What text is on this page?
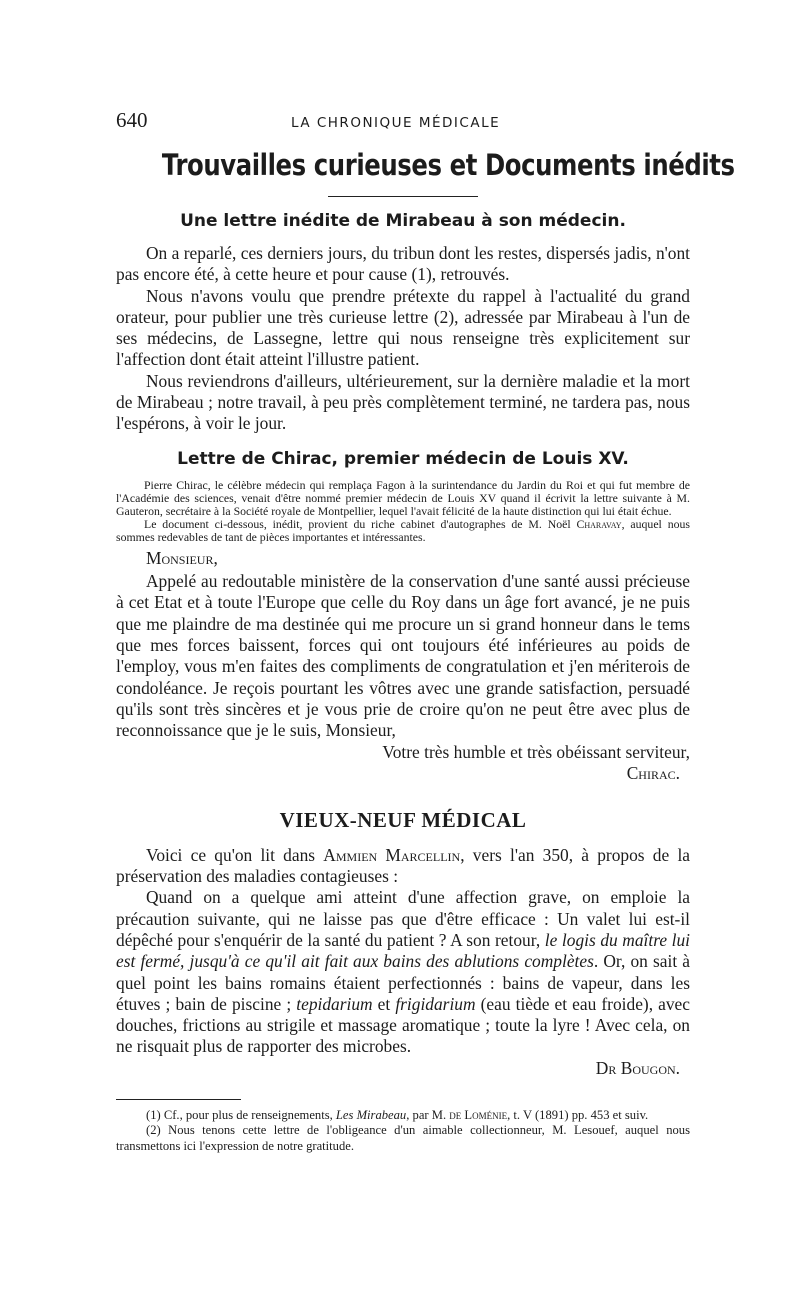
640	LA CHRONIQUE MÉDICALE
Trouvailles curieuses et Documents inédits
Une lettre inédite de Mirabeau à son médecin.

On a reparlé, ces derniers jours, du tribun dont les restes, dispersés jadis, n'ont pas encore été, à cette heure et pour cause (1), retrouvés.

Nous n'avons voulu que prendre prétexte du rappel à l'actualité du grand orateur, pour publier une très curieuse lettre (2), adressée par Mirabeau à l'un de ses médecins, de Lassegne, lettre qui nous renseigne très explicitement sur l'affection dont était atteint l'illustre patient.

Nous reviendrons d'ailleurs, ultérieurement, sur la dernière maladie et la mort de Mirabeau ; notre travail, à peu près complètement terminé, ne tardera pas, nous l'espérons, à voir le jour.

Lettre de Chirac, premier médecin de Louis XV.

Pierre Chirac, le célèbre médecin qui remplaça Fagon à la surintendance du Jardin du Roi et qui fut membre de l'Académie des sciences, venait d'être nommé premier médecin de Louis XV quand il écrivit la lettre suivante à M. Gauteron, secrétaire à la Société royale de Montpellier, lequel l'avait félicité de la haute distinction qui lui était échue.

Le document ci-dessous, inédit, provient du riche cabinet d'autographes de M. Noël Charavay, auquel nous sommes redevables de tant de pièces importantes et intéressantes.

Monsieur,

Appelé au redoutable ministère de la conservation d'une santé aussi précieuse à cet Etat et à toute l'Europe que celle du Roy dans un âge fort avancé, je ne puis que me plaindre de ma destinée qui me procure un si grand honneur dans le tems que mes forces baissent, forces qui ont toujours été inférieures au poids de l'employ, vous m'en faites des compliments de congratulation et j'en mériterois de condoléance. Je reçois pourtant les vôtres avec une grande satisfaction, persuadé qu'ils sont très sincères et je vous prie de croire qu'on ne peut être avec plus de reconnoissance que je le suis, Monsieur,

Votre très humble et très obéissant serviteur,

Chirac.

VIEUX-NEUF MÉDICAL

Voici ce qu'on lit dans Ammien Marcellin, vers l'an 350, à propos de la préservation des maladies contagieuses :

Quand on a quelque ami atteint d'une affection grave, on emploie la précaution suivante, qui ne laisse pas que d'être efficace : Un valet lui est-il dépêché pour s'enquérir de la santé du patient ? A son retour, le logis du maître lui est fermé, jusqu'à ce qu'il ait fait aux bains des ablutions complètes. Or, on sait à quel point les bains romains étaient perfectionnés : bains de vapeur, dans les étuves ; bain de piscine ; tepidarium et frigidarium (eau tiède et eau froide), avec douches, frictions au strigile et massage aromatique ; toute la lyre ! Avec cela, on ne risquait plus de rapporter des microbes.

Dr Bougon.

(1) Cf., pour plus de renseignements, Les Mirabeau, par M. de Loménie, t. V (1891) pp. 453 et suiv.

(2) Nous tenons cette lettre de l'obligeance d'un aimable collectionneur, M. Lesouef, auquel nous transmettons ici l'expression de notre gratitude.
